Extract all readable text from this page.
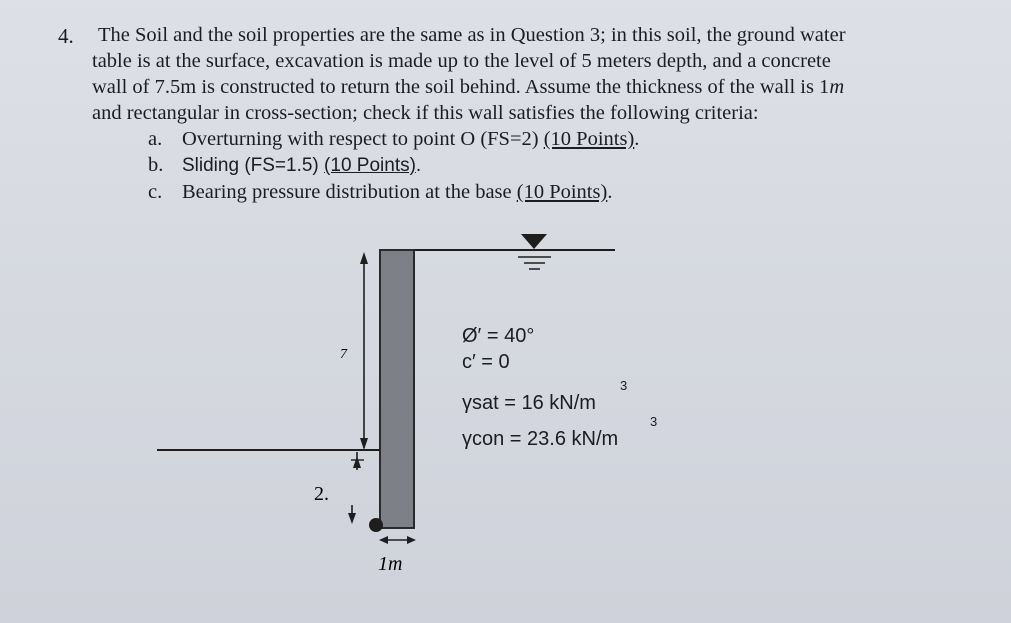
4. The Soil and the soil properties are the same as in Question 3; in this soil, the ground water
table is at the surface, excavation is made up to the level of 5 meters depth, and a concrete
wall of 7.5m is constructed to return the soil behind. Assume the thickness of the wall is 1m
and rectangular in cross-section; check if this wall satisfies the following criteria:
a. Overturning with respect to point O (FS=2) (10 Points).
b. Sliding (FS=1.5) (10 Points).
c. Bearing pressure distribution at the base (10 Points).
7
2.
1m
Ø′ = 40°
c′ = 0
γsat = 16 kN/m
3
γcon = 23.6 kN/m
3
